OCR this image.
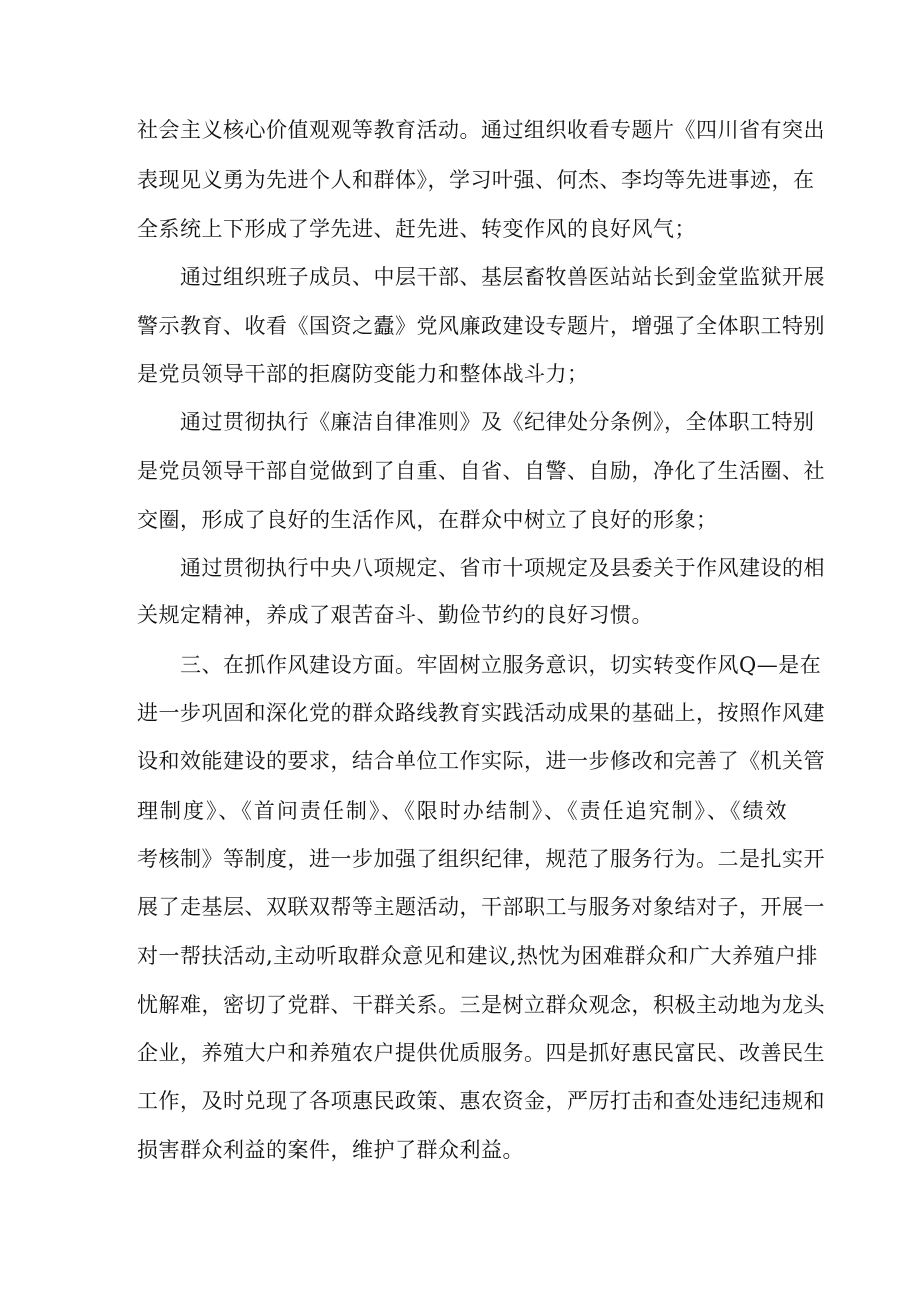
社会主义核心价值观观等教育活动。通过组织收看专题片《四川省有突出
表现见义勇为先进个人和群体》，学习叶强、何杰、李均等先进事迹，在
全系统上下形成了学先进、赶先进、转变作风的良好风气；
通过组织班子成员、中层干部、基层畜牧兽医站站长到金堂监狱开展
警示教育、收看《国资之蠹》党风廉政建设专题片，增强了全体职工特别
是党员领导干部的拒腐防变能力和整体战斗力；
通过贯彻执行《廉洁自律准则》及《纪律处分条例》，全体职工特别
是党员领导干部自觉做到了自重、自省、自警、自励，净化了生活圈、社
交圈，形成了良好的生活作风，在群众中树立了良好的形象；
通过贯彻执行中央八项规定、省市十项规定及县委关于作风建设的相
关规定精神，养成了艰苦奋斗、勤俭节约的良好习惯。
三、在抓作风建设方面。牢固树立服务意识，切实转变作风Q—是在
进一步巩固和深化党的群众路线教育实践活动成果的基础上，按照作风建
设和效能建设的要求，结合单位工作实际，进一步修改和完善了《机关管
理制度》、《首问责任制》、《限时办结制》、《责任追究制》、《绩效
考核制》等制度，进一步加强了组织纪律，规范了服务行为。二是扎实开
展了走基层、双联双帮等主题活动，干部职工与服务对象结对子，开展一
对一帮扶活动,主动听取群众意见和建议,热忱为困难群众和广大养殖户排
忧解难，密切了党群、干群关系。三是树立群众观念，积极主动地为龙头
企业，养殖大户和养殖农户提供优质服务。四是抓好惠民富民、改善民生
工作，及时兑现了各项惠民政策、惠农资金，严厉打击和查处违纪违规和
损害群众利益的案件，维护了群众利益。
